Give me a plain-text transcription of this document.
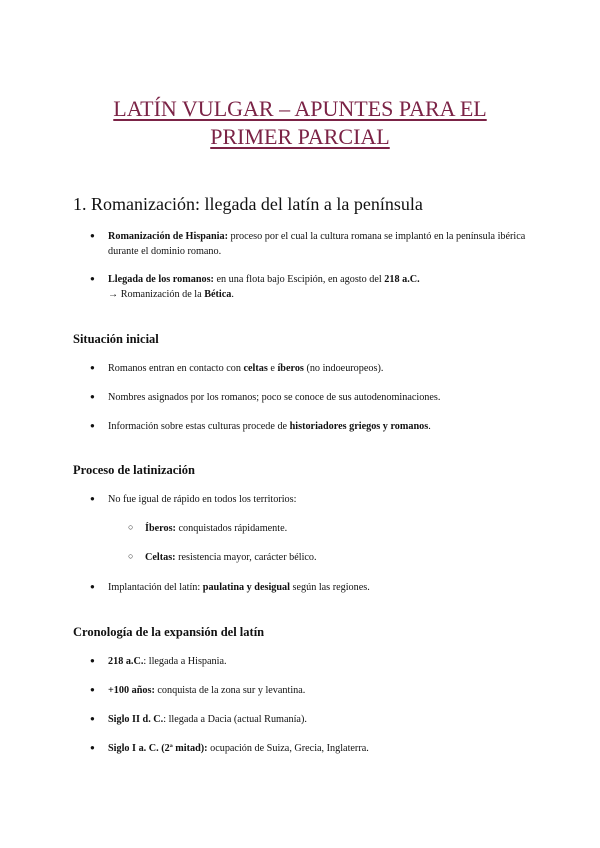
LATÍN VULGAR – APUNTES PARA EL
PRIMER PARCIAL
1. Romanización: llegada del latín a la península
● Romanización de Hispania: proceso por el cual la cultura romana se implantó en la península ibérica durante el dominio romano.
● Llegada de los romanos: en una flota bajo Escipión, en agosto del 218 a.C.
→ Romanización de la Bética.
Situación inicial
● Romanos entran en contacto con celtas e íberos (no indoeuropeos).
● Nombres asignados por los romanos; poco se conoce de sus autodenominaciones.
● Información sobre estas culturas procede de historiadores griegos y romanos.
Proceso de latinización
● No fue igual de rápido en todos los territorios:
○ Íberos: conquistados rápidamente.
○ Celtas: resistencia mayor, carácter bélico.
● Implantación del latín: paulatina y desigual según las regiones.
Cronología de la expansión del latín
● 218 a.C.: llegada a Hispania.
● +100 años: conquista de la zona sur y levantina.
● Siglo II d. C.: llegada a Dacia (actual Rumanía).
● Siglo I a. C. (2ª mitad): ocupación de Suiza, Grecia, Inglaterra.
